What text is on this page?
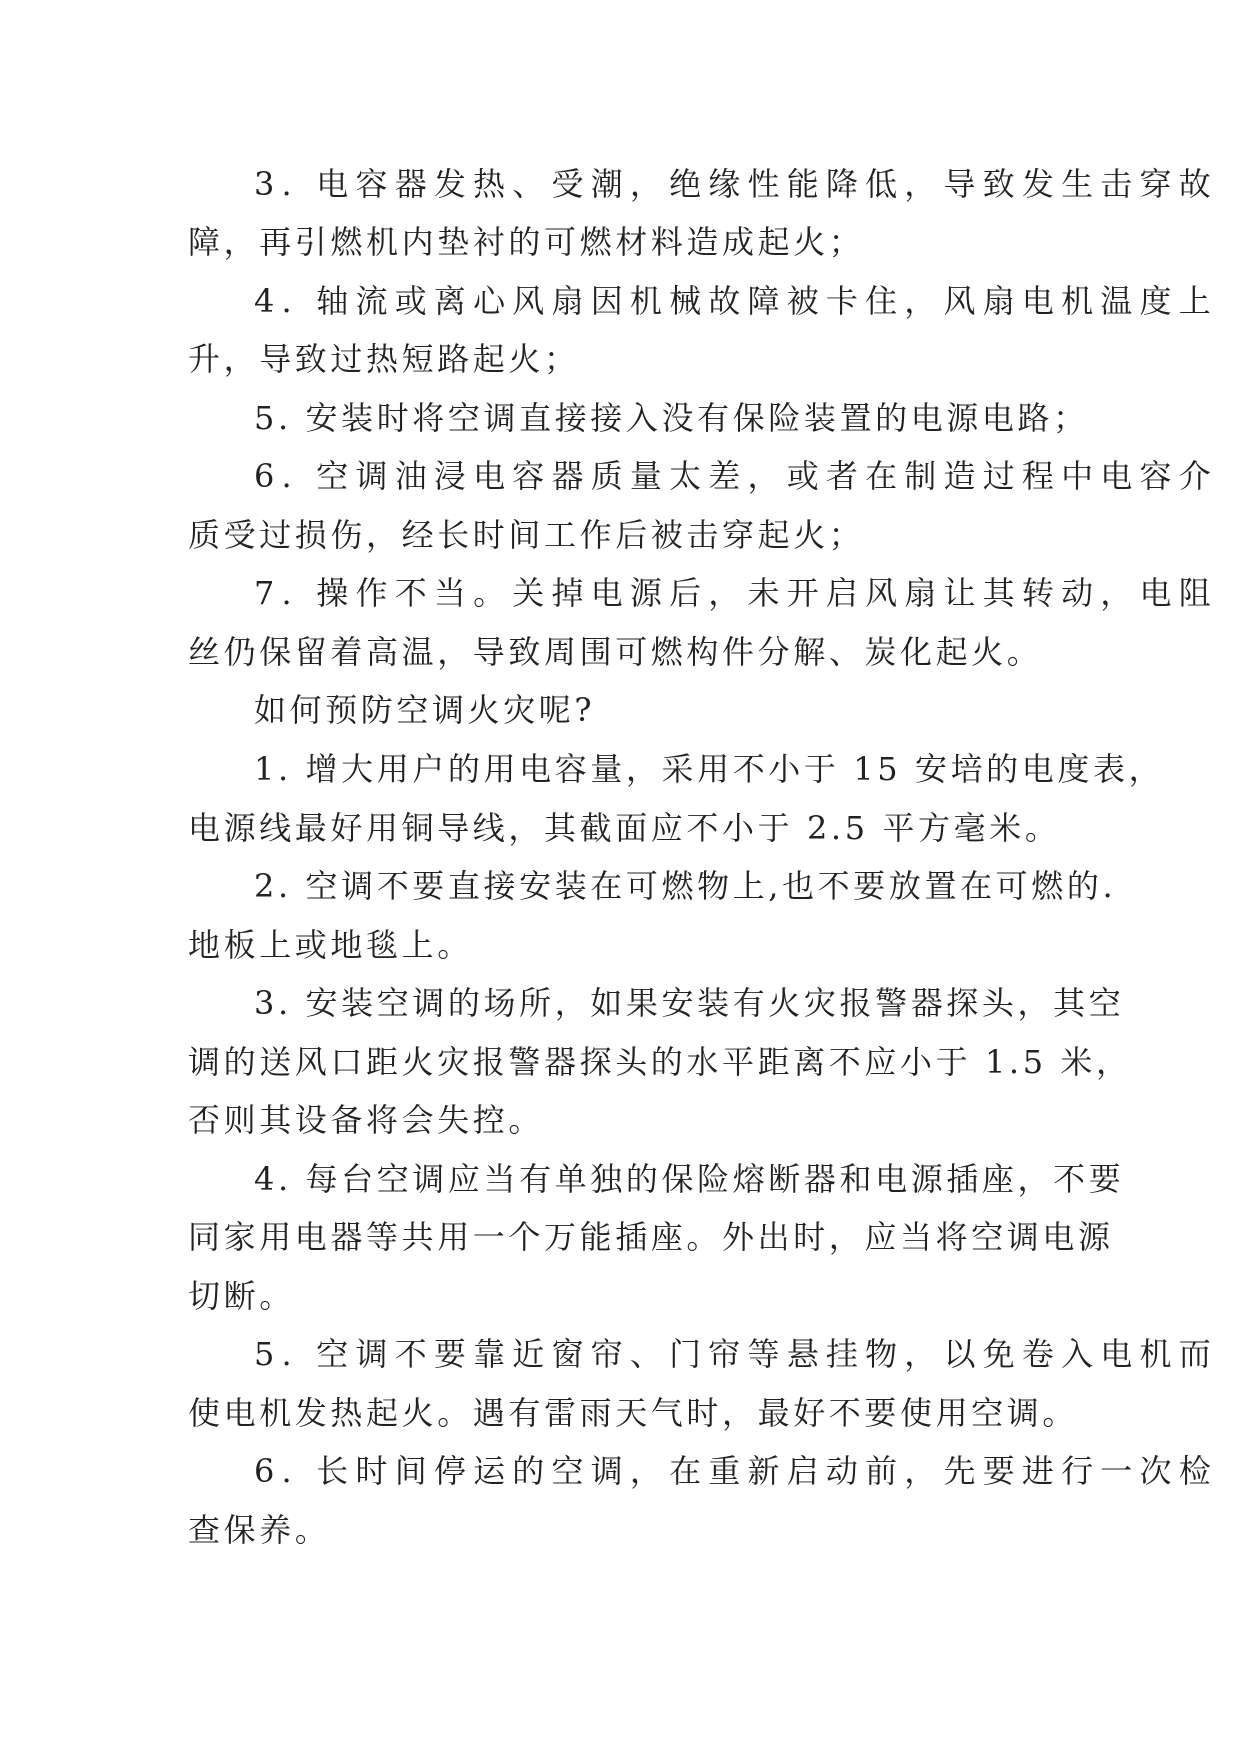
3. 电容器发热、受潮，绝缘性能降低，导致发生击穿故
障，再引燃机内垫衬的可燃材料造成起火；
4. 轴流或离心风扇因机械故障被卡住，风扇电机温度上
升，导致过热短路起火；
5. 安装时将空调直接接入没有保险装置的电源电路；
6. 空调油浸电容器质量太差，或者在制造过程中电容介
质受过损伤，经长时间工作后被击穿起火；
7. 操作不当。关掉电源后，未开启风扇让其转动，电阻
丝仍保留着高温，导致周围可燃构件分解、炭化起火。
如何预防空调火灾呢?
1. 增大用户的用电容量，采用不小于 15 安培的电度表，
电源线最好用铜导线，其截面应不小于 2.5 平方毫米。
2. 空调不要直接安装在可燃物上,也不要放置在可燃的.
地板上或地毯上。
3. 安装空调的场所，如果安装有火灾报警器探头，其空
调的送风口距火灾报警器探头的水平距离不应小于 1.5 米，
否则其设备将会失控。
4. 每台空调应当有单独的保险熔断器和电源插座，不要
同家用电器等共用一个万能插座。外出时，应当将空调电源
切断。
5. 空调不要靠近窗帘、门帘等悬挂物，以免卷入电机而
使电机发热起火。遇有雷雨天气时，最好不要使用空调。
6. 长时间停运的空调，在重新启动前，先要进行一次检
查保养。
